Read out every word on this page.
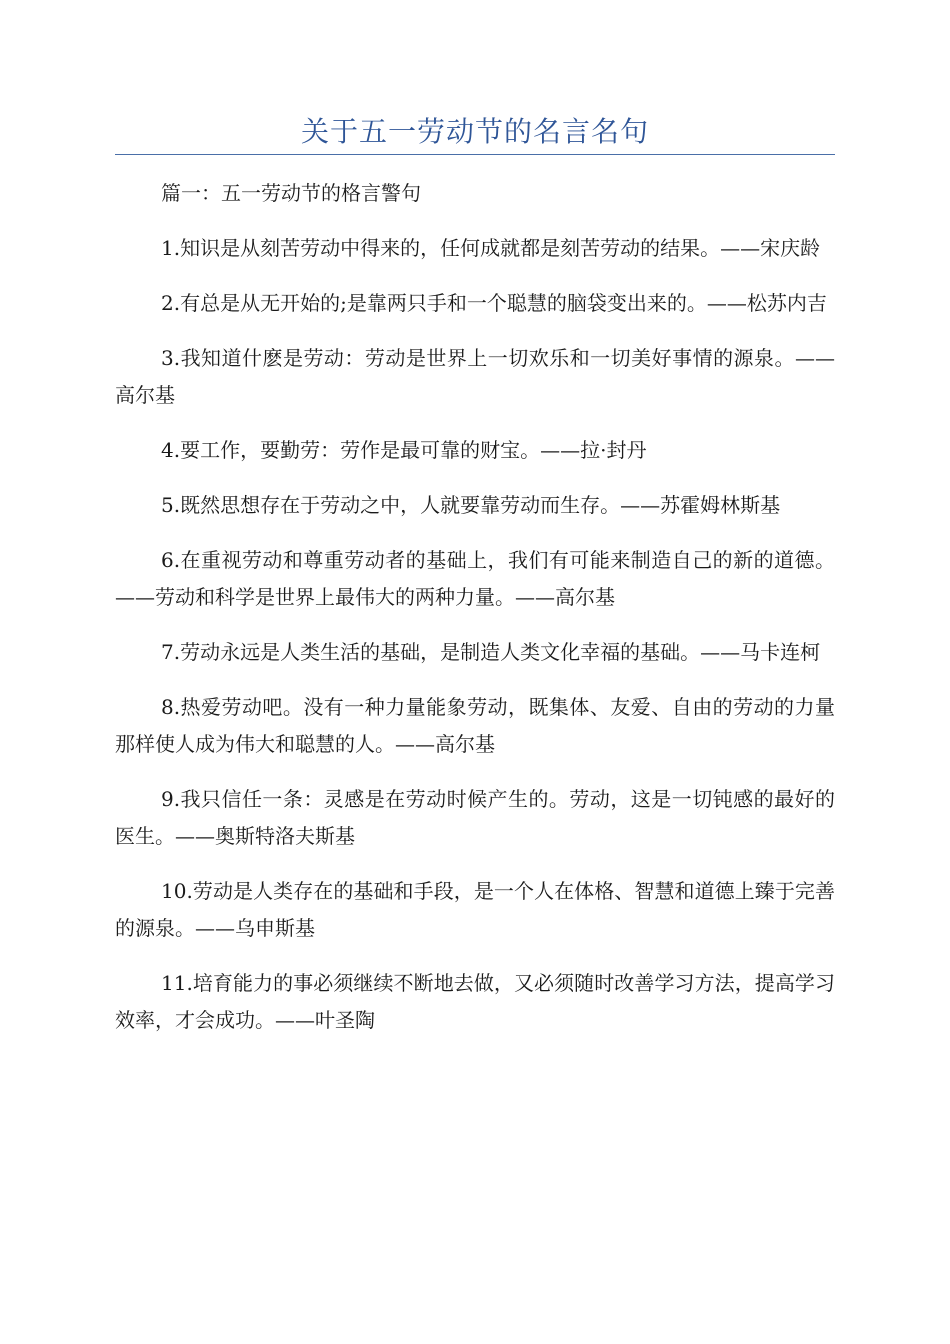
关于五一劳动节的名言名句

篇一：五一劳动节的格言警句

1.知识是从刻苦劳动中得来的，任何成就都是刻苦劳动的结果。——宋庆龄

2.有总是从无开始的;是靠两只手和一个聪慧的脑袋变出来的。——松苏内吉

3.我知道什麽是劳动：劳动是世界上一切欢乐和一切美好事情的源泉。——高尔基

4.要工作，要勤劳：劳作是最可靠的财宝。——拉·封丹

5.既然思想存在于劳动之中，人就要靠劳动而生存。——苏霍姆林斯基

6.在重视劳动和尊重劳动者的基础上，我们有可能来制造自己的新的道德。——劳动和科学是世界上最伟大的两种力量。——高尔基

7.劳动永远是人类生活的基础，是制造人类文化幸福的基础。——马卡连柯

8.热爱劳动吧。没有一种力量能象劳动，既集体、友爱、自由的劳动的力量那样使人成为伟大和聪慧的人。——高尔基

9.我只信任一条：灵感是在劳动时候产生的。劳动，这是一切钝感的最好的医生。——奥斯特洛夫斯基

10.劳动是人类存在的基础和手段，是一个人在体格、智慧和道德上臻于完善的源泉。——乌申斯基

11.培育能力的事必须继续不断地去做，又必须随时改善学习方法，提高学习效率，才会成功。——叶圣陶
